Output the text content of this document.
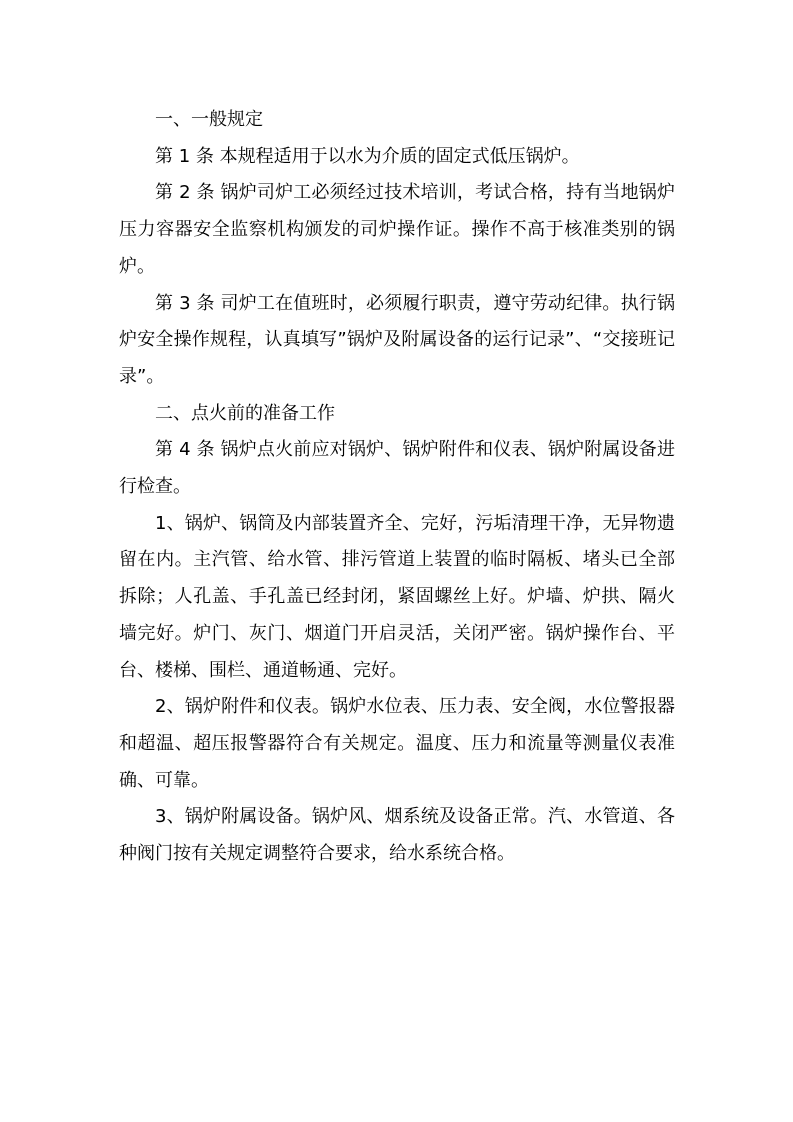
一、一般规定

第 1 条 本规程适用于以水为介质的固定式低压锅炉。

第 2 条 锅炉司炉工必须经过技术培训，考试合格，持有当地锅炉压力容器安全监察机构颁发的司炉操作证。操作不高于核准类别的锅炉。

第 3 条 司炉工在值班时，必须履行职责，遵守劳动纪律。执行锅炉安全操作规程，认真填写”锅炉及附属设备的运行记录”、“交接班记录”。

二、点火前的准备工作

第 4 条 锅炉点火前应对锅炉、锅炉附件和仪表、锅炉附属设备进行检查。

1、锅炉、锅筒及内部装置齐全、完好，污垢清理干净，无异物遗留在内。主汽管、给水管、排污管道上装置的临时隔板、堵头已全部拆除；人孔盖、手孔盖已经封闭，紧固螺丝上好。炉墙、炉拱、隔火墙完好。炉门、灰门、烟道门开启灵活，关闭严密。锅炉操作台、平台、楼梯、围栏、通道畅通、完好。

2、锅炉附件和仪表。锅炉水位表、压力表、安全阀，水位警报器和超温、超压报警器符合有关规定。温度、压力和流量等测量仪表准确、可靠。

3、锅炉附属设备。锅炉风、烟系统及设备正常。汽、水管道、各种阀门按有关规定调整符合要求，给水系统合格。
